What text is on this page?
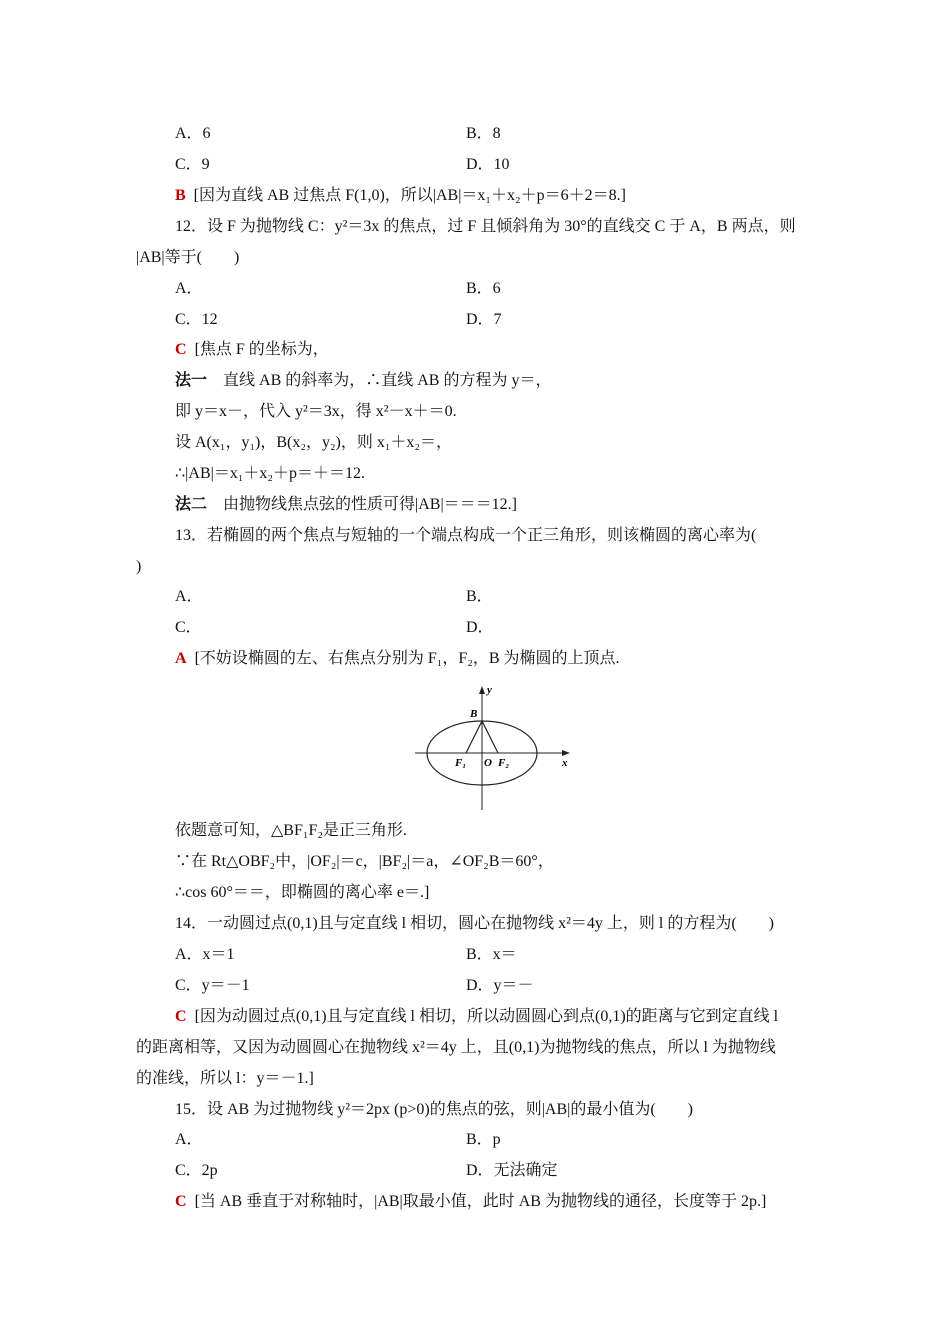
A．6	B．8
C．9	D．10
B [因为直线 AB 过焦点 F(1,0)，所以|AB|＝x₁＋x₂＋p＝6＋2＝8.]
12．设 F 为抛物线 C：y²＝3x 的焦点，过 F 且倾斜角为 30°的直线交 C 于 A，B 两点，则
|AB|等于(　　)
A．	B．6
C．12	D．7
C [焦点 F 的坐标为，
法一　直线 AB 的斜率为，∴直线 AB 的方程为 y＝，
即 y＝x－，代入 y²＝3x，得 x²－x＋＝0.
设 A(x₁，y₁)，B(x₂，y₂)，则 x₁＋x₂＝，
∴|AB|＝x₁＋x₂＋p＝＋＝12.
法二　由抛物线焦点弦的性质可得|AB|＝＝＝12.]
13．若椭圆的两个焦点与短轴的一个端点构成一个正三角形，则该椭圆的离心率为(
)
A．	B．
C．	D．
A [不妨设椭圆的左、右焦点分别为 F₁，F₂，B 为椭圆的上顶点.
y
x
B
F₁ O F₂
依题意可知，△BF₁F₂是正三角形.
∵在 Rt△OBF₂中，|OF₂|＝c，|BF₂|＝a，∠OF₂B＝60°，
∴cos 60°＝＝，即椭圆的离心率 e＝.]
14．一动圆过点(0,1)且与定直线 l 相切，圆心在抛物线 x²＝4y 上，则 l 的方程为(　　)
A．x＝1	B．x＝
C．y＝－1	D．y＝－
C [因为动圆过点(0,1)且与定直线 l 相切，所以动圆圆心到点(0,1)的距离与它到定直线 l
的距离相等，又因为动圆圆心在抛物线 x²＝4y 上，且(0,1)为抛物线的焦点，所以 l 为抛物线
的准线，所以 l：y＝－1.]
15．设 AB 为过抛物线 y²＝2px (p>0)的焦点的弦，则|AB|的最小值为(　　)
A．	B．p
C．2p	D．无法确定
C [当 AB 垂直于对称轴时，|AB|取最小值，此时 AB 为抛物线的通径，长度等于 2p.]
